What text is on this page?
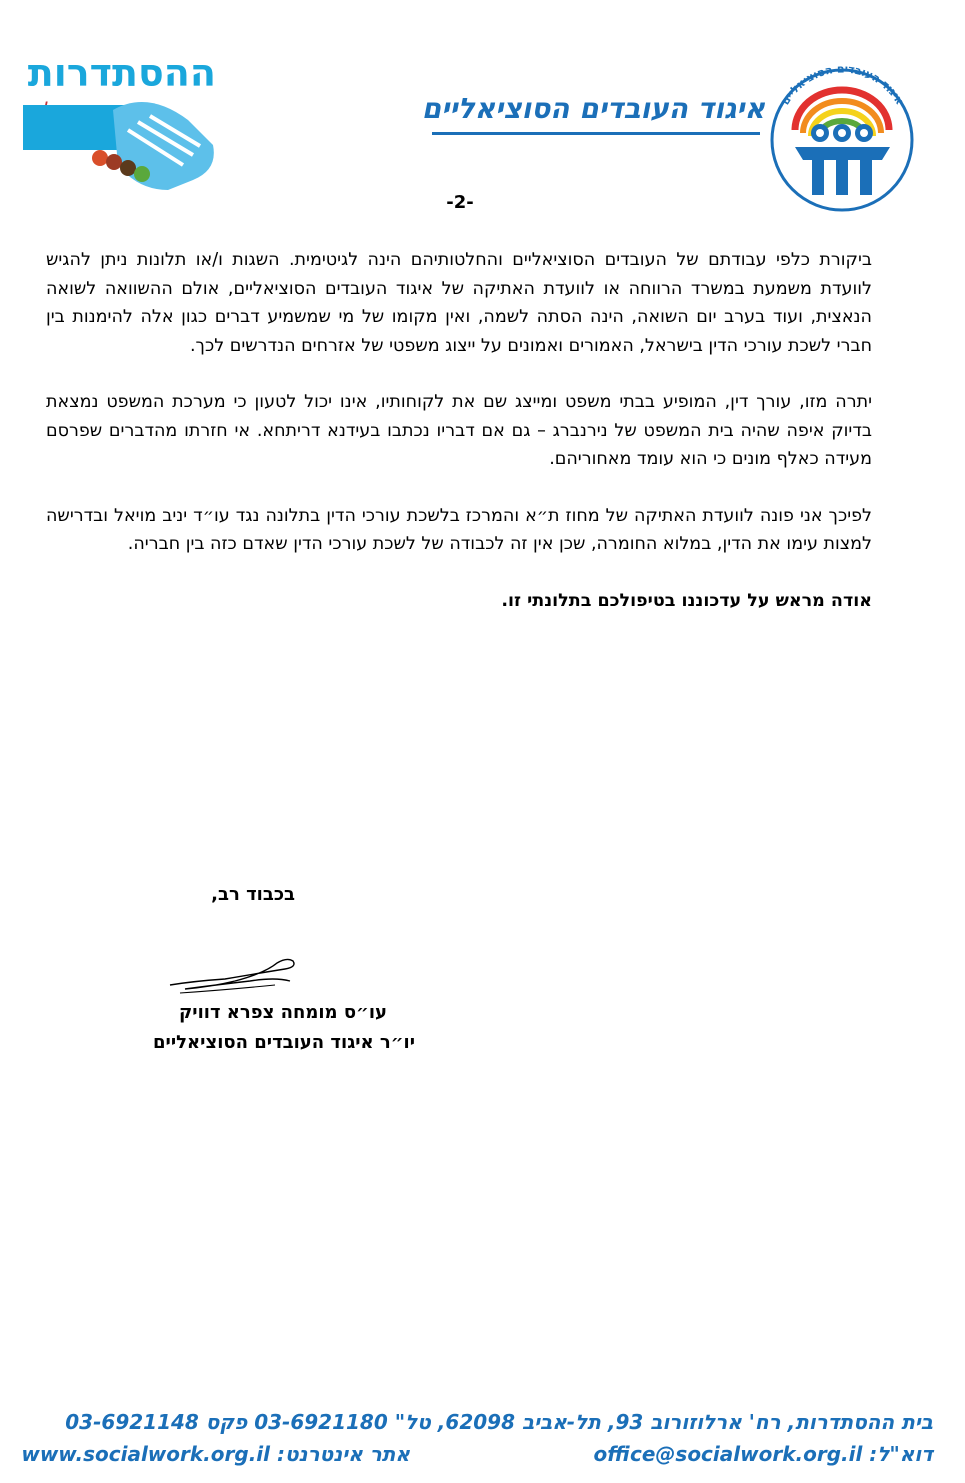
ההסתדרות
איגוד העובדים הסוציאליים
איגוד העובדים הסוציאליים
-2-

ביקורת כלפי עבודתם של העובדים הסוציאליים והחלטותיהם הינה לגיטימית. השגות ו/או תלונות ניתן להגיש לוועדת משמעת במשרד הרווחה או לוועדת האתיקה של איגוד העובדים הסוציאליים, אולם ההשוואה לשואה הנאצית, ועוד בערב יום השואה, הינה הסתה לשמה, ואין מקומו של מי שמשמיע דברים כגון אלה להימנות בין חברי לשכת עורכי הדין בישראל, האמורים ואמונים על ייצוג משפטי של אזרחים הנדרשים לכך.

יתרה מזו, עורך דין, המופיע בבתי משפט ומייצג שם את לקוחותיו, אינו יכול לטעון כי מערכת המשפט נמצאת בדיוק איפה שהיה בית המשפט של נירנברג – גם אם דבריו נכתבו בעידנא דריתחא. אי חזרתו מהדברים שפרסם מעידה כאלף מונים כי הוא עומד מאחוריהם.

לפיכך אני פונה לוועדת האתיקה של מחוז ת״א והמרכז בלשכת עורכי הדין בתלונה נגד עו״ד יניב מויאל ובדרישה למצות עימו את הדין, במלוא החומרה, שכן אין זה לכבודה של לשכת עורכי הדין שאדם כזה בין חבריה.

אודה מראש על עדכוננו בטיפולכם בתלונתי זו.

בכבוד רב,
עו״ס מומחה צפרא דוויק
יו״ר איגוד העובדים הסוציאליים
בית ההסתדרות, רח' ארלוזורוב 93, תל-אביב 62098, טל" 03-6921180 פקס 03-6921148
דוא"ל: office@socialwork.org.il
אתר אינטרנט: www.socialwork.org.il
